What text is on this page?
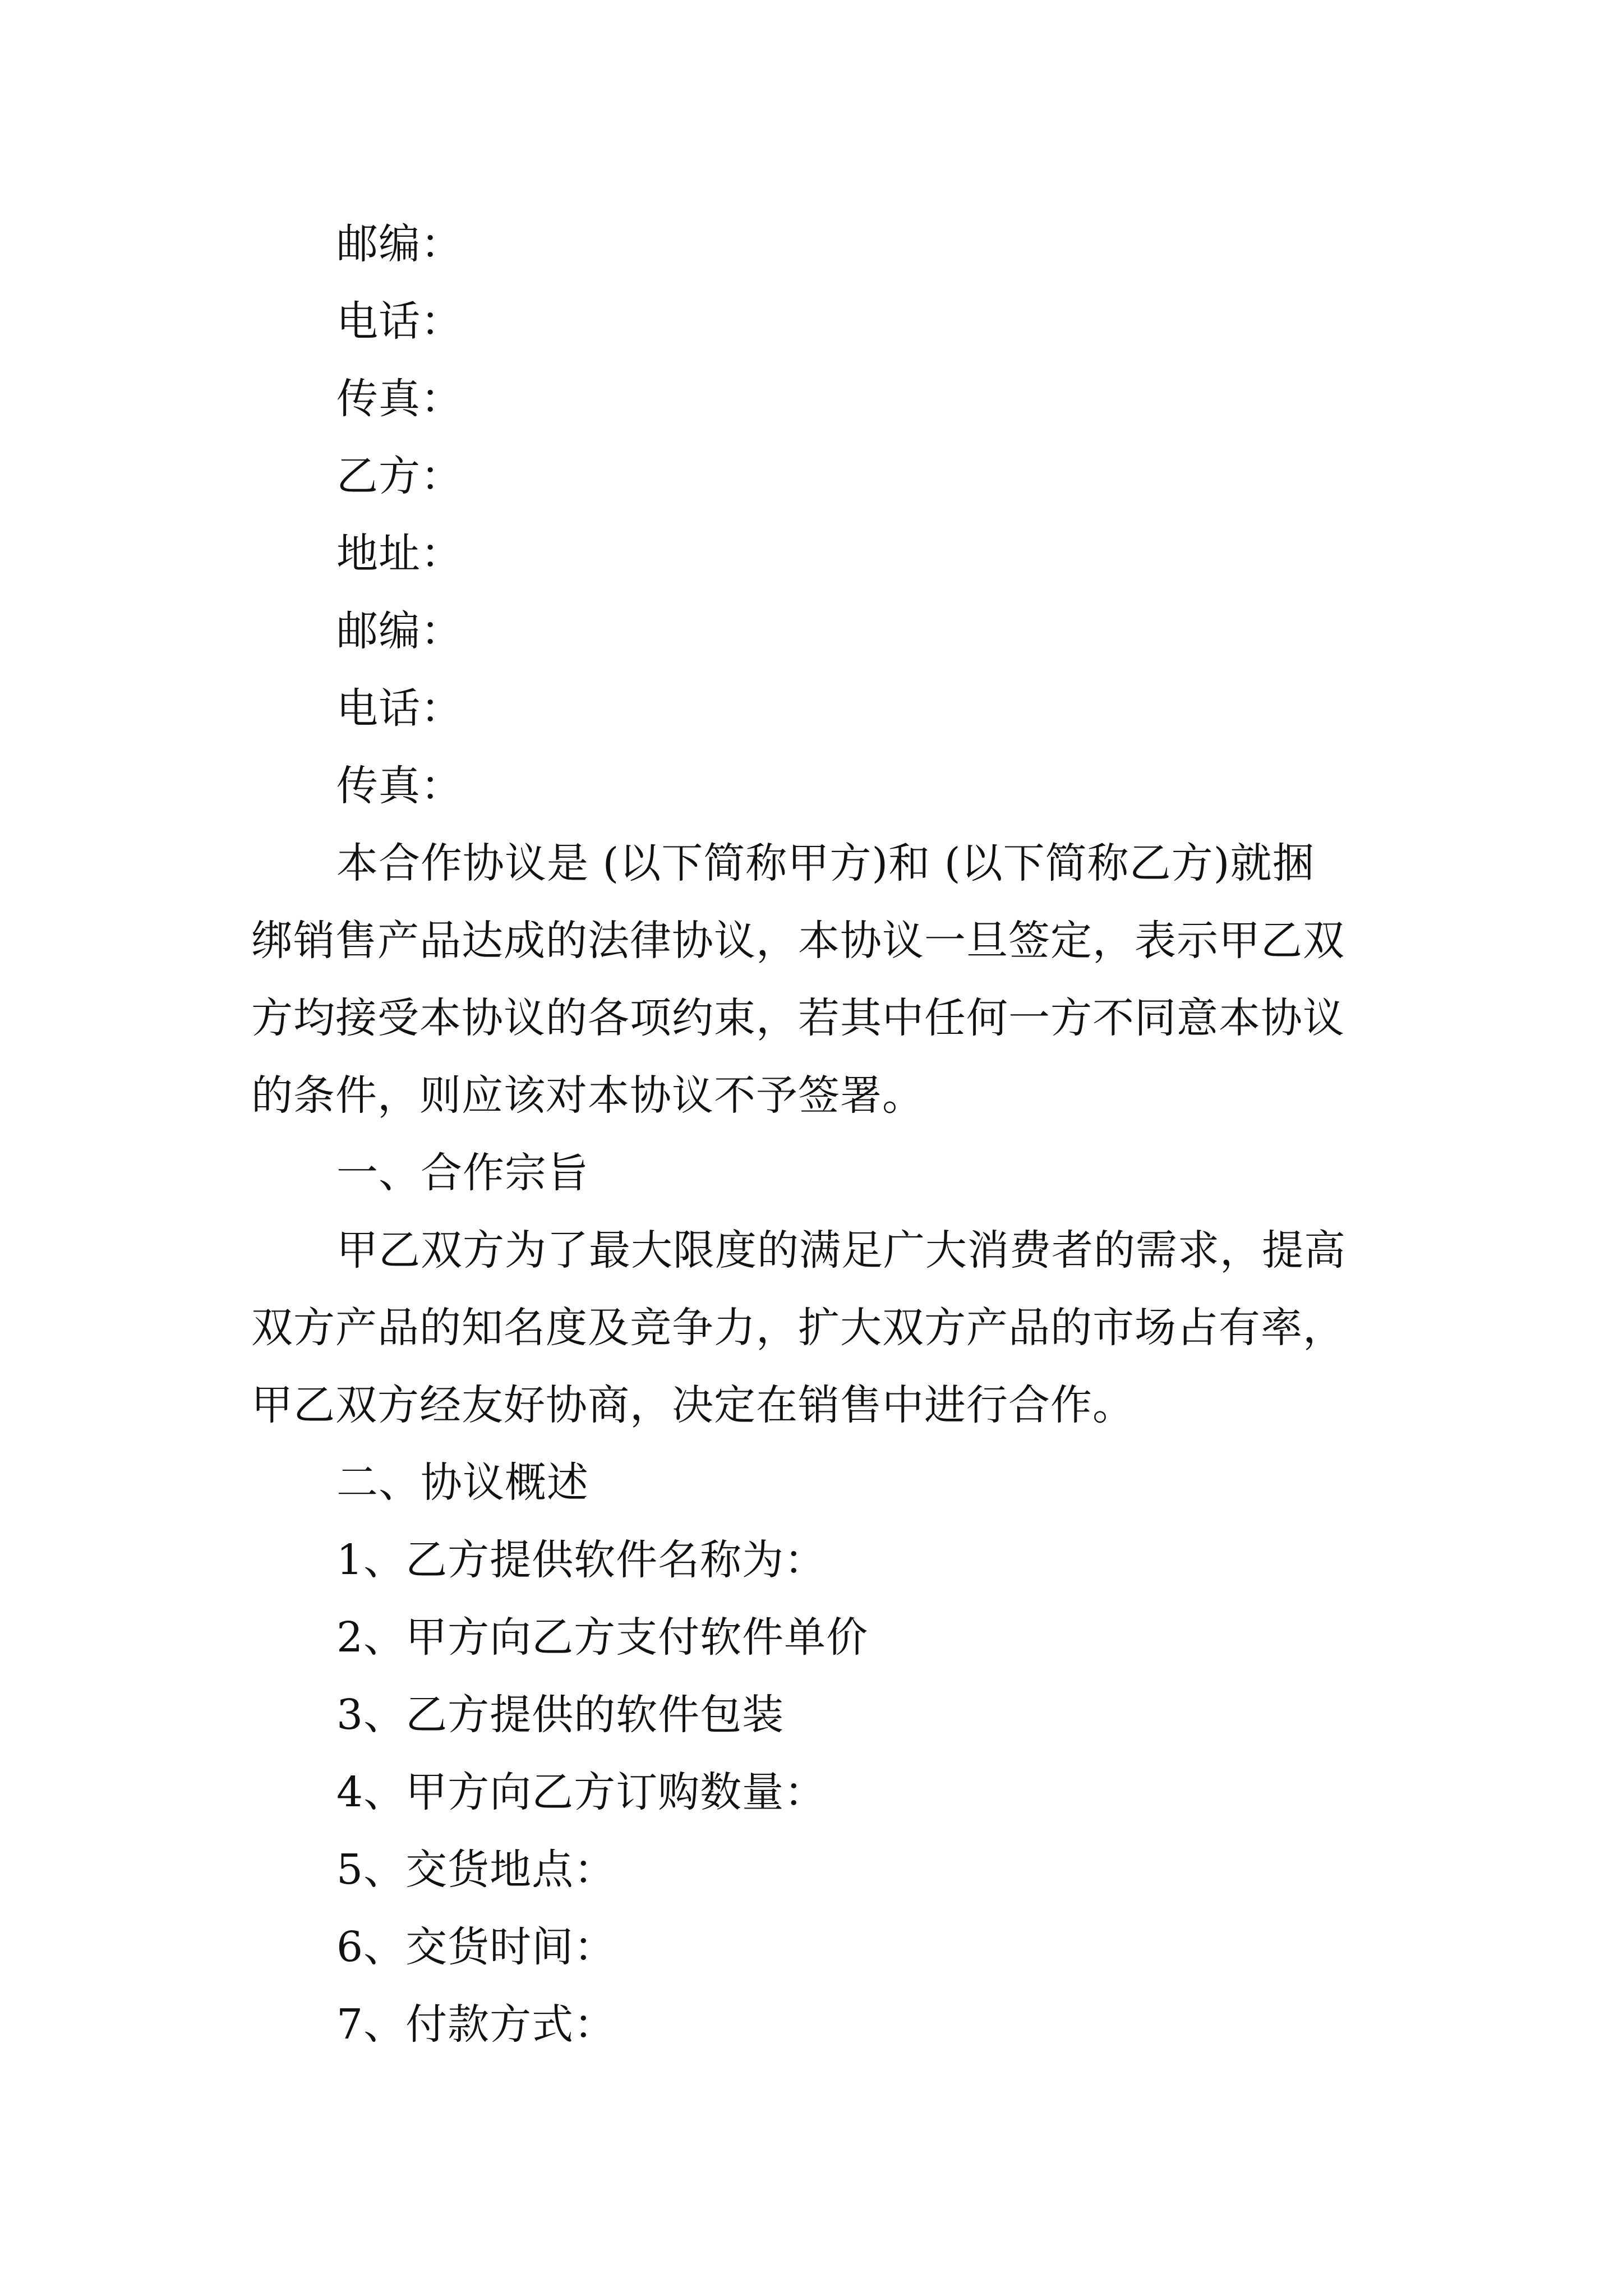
邮编：
电话：
传真：
乙方：
地址：
邮编：
电话：
传真：
本合作协议是 (以下简称甲方)和 (以下简称乙方)就捆
绑销售产品达成的法律协议，本协议一旦签定，表示甲乙双
方均接受本协议的各项约束，若其中任何一方不同意本协议
的条件，则应该对本协议不予签署。
一、合作宗旨
甲乙双方为了最大限度的满足广大消费者的需求，提高
双方产品的知名度及竞争力，扩大双方产品的市场占有率，
甲乙双方经友好协商，决定在销售中进行合作。
二、协议概述
1、乙方提供软件名称为：
2、甲方向乙方支付软件单价
3、乙方提供的软件包装
4、甲方向乙方订购数量：
5、交货地点：
6、交货时间：
7、付款方式：
